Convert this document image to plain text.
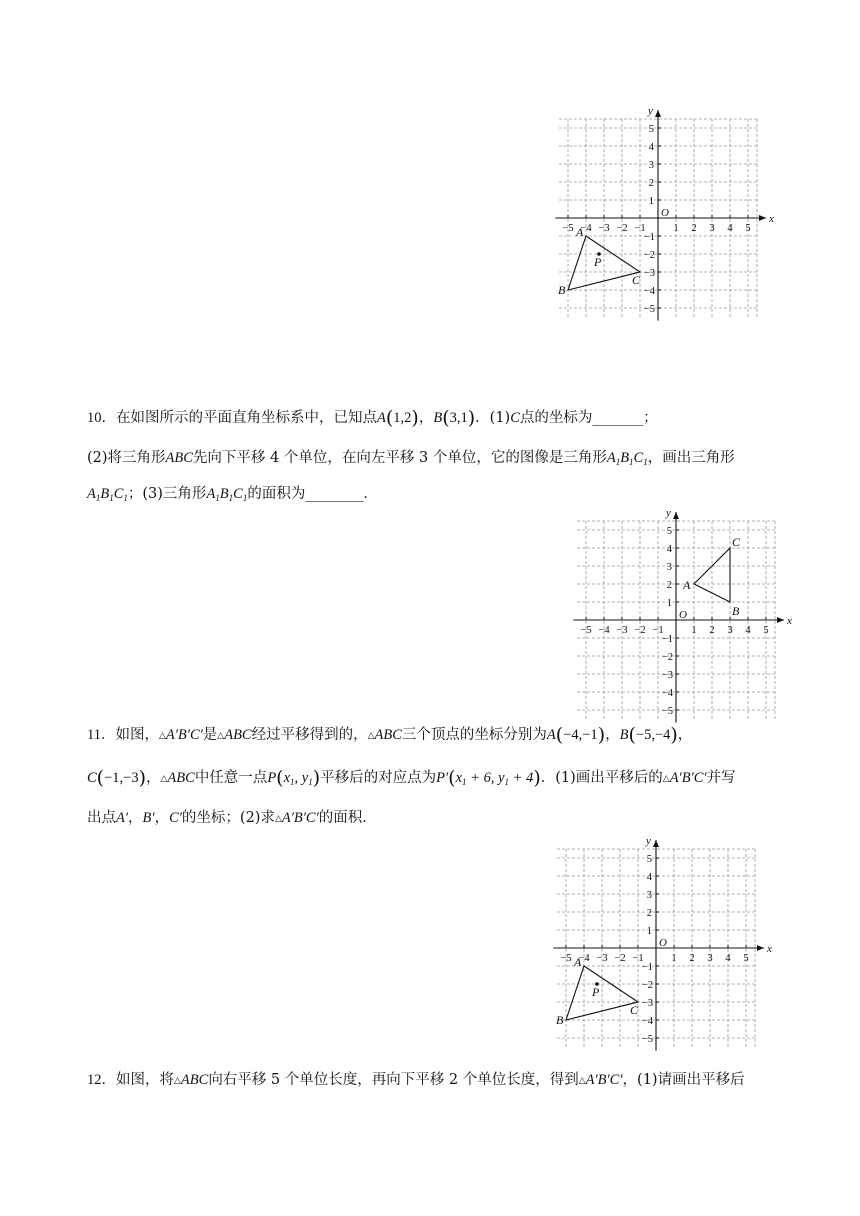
−5 −4 −3 −2 −1	1 2 3 4 5
5
4
3
2
1
−1
−2
−3
−4
−5
O	x
y
A
B
C
P
10．在如图所示的平面直角坐标系中，已知点A(1,2)，B(3,1)．(1)C点的坐标为_______；
(2)将三角形ABC先向下平移 4 个单位，在向左平移 3 个单位，它的图像是三角形$A_1B_1C_1$，画出三角形
$A_1B_1C_1$；(3)三角形$A_1B_1C_1$的面积为________．
−5 −4 −3 −2 −1	1 2 3 4 5
5
4
3
2
1
−1
−2
−3
−4
−5
O	x
y
A
B
C
11．如图，△A′B′C′是△ABC经过平移得到的，△ABC三个顶点的坐标分别为A(−4,−1)，B(−5,−4)，
C(−1,−3)，△ABC中任意一点$P(x_1$, $y_1$)平移后的对应点为$P'(x_1 + 6$, $y_1 + 4$)．(1)画出平移后的△A′B′C′并写
出点A′，B′，C′的坐标；(2)求△A′B′C′的面积．
−5 −4 −3 −2 −1	1 2 3 4 5
5
4
3
2
1
−1
−2
−3
−4
−5
O	x
y
A
B
C
P
12．如图，将△ABC向右平移 5 个单位长度，再向下平移 2 个单位长度，得到△A′B′C′，(1)请画出平移后
